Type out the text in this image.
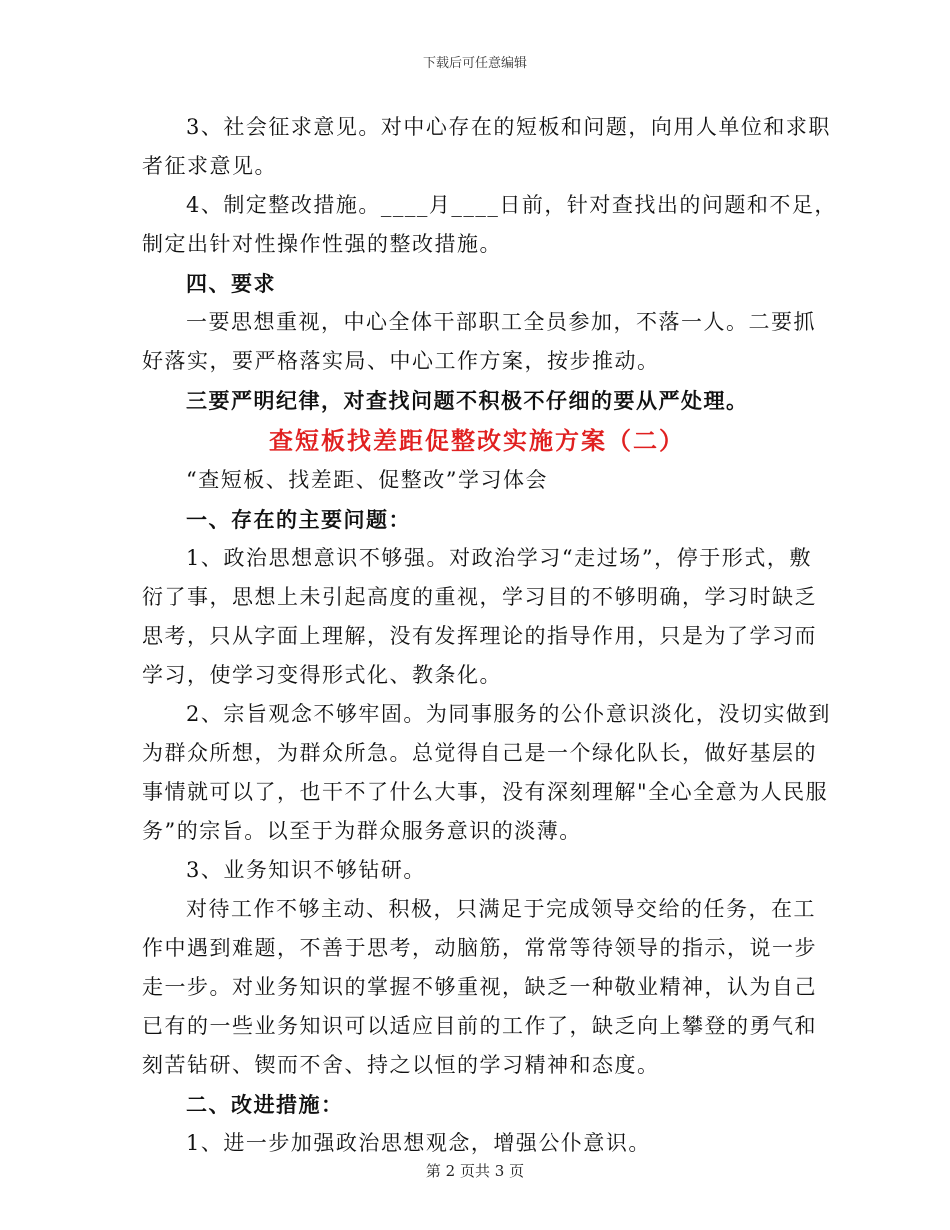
下载后可任意编辑
3、社会征求意见。对中心存在的短板和问题，向用人单位和求职
者征求意见。
4、制定整改措施。____月____日前，针对查找出的问题和不足，
制定出针对性操作性强的整改措施。
四、要求
一要思想重视，中心全体干部职工全员参加，不落一人。二要抓
好落实，要严格落实局、中心工作方案，按步推动。
三要严明纪律，对查找问题不积极不仔细的要从严处理。
查短板找差距促整改实施方案（二）
“查短板、找差距、促整改”学习体会
一、存在的主要问题：
1、政治思想意识不够强。对政治学习“走过场”，停于形式，敷
衍了事，思想上未引起高度的重视，学习目的不够明确，学习时缺乏
思考，只从字面上理解，没有发挥理论的指导作用，只是为了学习而
学习，使学习变得形式化、教条化。
2、宗旨观念不够牢固。为同事服务的公仆意识淡化，没切实做到
为群众所想，为群众所急。总觉得自己是一个绿化队长，做好基层的
事情就可以了，也干不了什么大事，没有深刻理解"全心全意为人民服
务”的宗旨。以至于为群众服务意识的淡薄。
3、业务知识不够钻研。
对待工作不够主动、积极，只满足于完成领导交给的任务，在工
作中遇到难题，不善于思考，动脑筋，常常等待领导的指示，说一步
走一步。对业务知识的掌握不够重视，缺乏一种敬业精神，认为自己
已有的一些业务知识可以适应目前的工作了，缺乏向上攀登的勇气和
刻苦钻研、锲而不舍、持之以恒的学习精神和态度。
二、改进措施：
1、进一步加强政治思想观念，增强公仆意识。
第 2 页共 3 页
